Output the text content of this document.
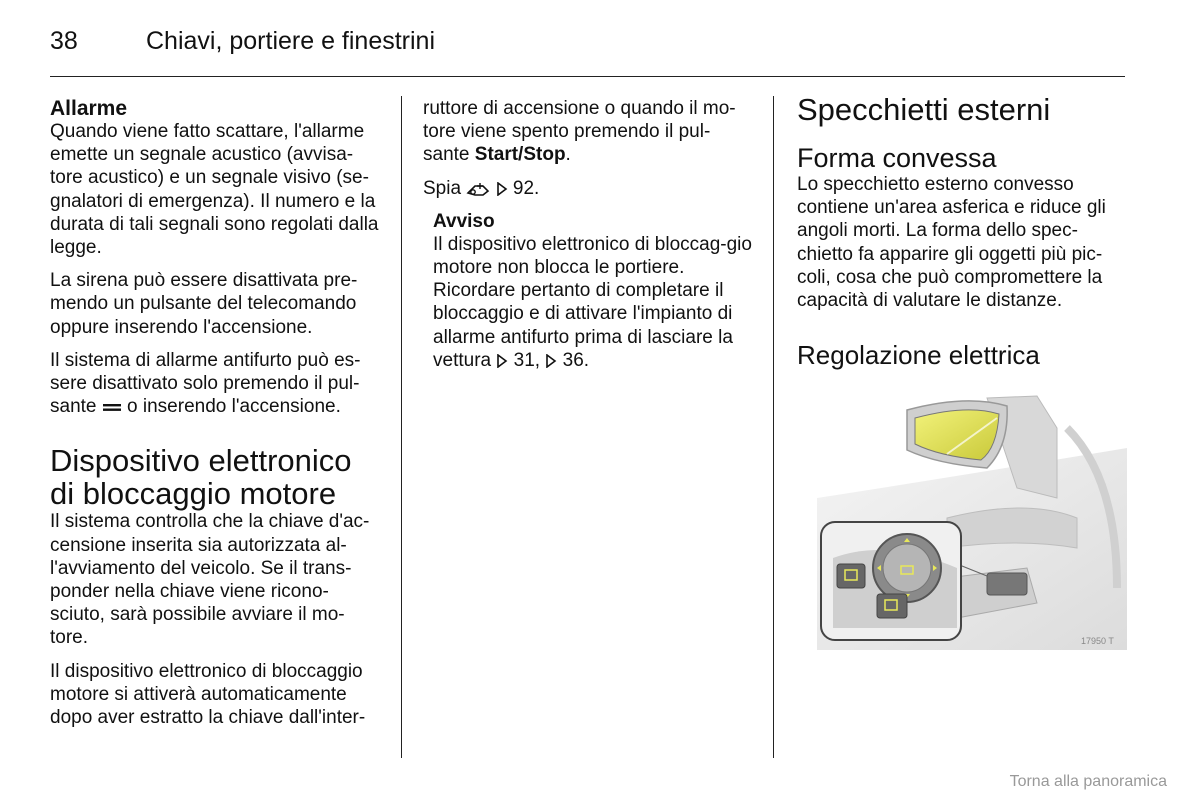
38	Chiavi, portiere e finestrini
Allarme

Quando viene fatto scattare, l'allarme emette un segnale acustico (avvisa-tore acustico) e un segnale visivo (se-gnalatori di emergenza). Il numero e la durata di tali segnali sono regolati dalla legge.

La sirena può essere disattivata pre-mendo un pulsante del telecomando oppure inserendo l'accensione.

Il sistema di allarme antifurto può es-sere disattivato solo premendo il pul-sante o inserendo l'accensione.

Dispositivo elettronico di bloccaggio motore

Il sistema controlla che la chiave d'ac-censione inserita sia autorizzata al-l'avviamento del veicolo. Se il trans-ponder nella chiave viene ricono-sciuto, sarà possibile avviare il mo-tore.

Il dispositivo elettronico di bloccaggio motore si attiverà automaticamente dopo aver estratto la chiave dall'inter-

ruttore di accensione o quando il mo-tore viene spento premendo il pul-sante Start/Stop.

Spia	92.

Avviso
Il dispositivo elettronico di bloccag-gio motore non blocca le portiere. Ricordare pertanto di completare il bloccaggio e di attivare l'impianto di allarme antifurto prima di lasciare la vettura 31, 36.
Specchietti esterni
Forma convessa

Lo specchietto esterno convesso contiene un'area asferica e riduce gli angoli morti. La forma dello spec-chietto fa apparire gli oggetti più pic-coli, cosa che può compromettere la capacità di valutare le distanze.

Regolazione elettrica
17950 T
Torna alla panoramica
